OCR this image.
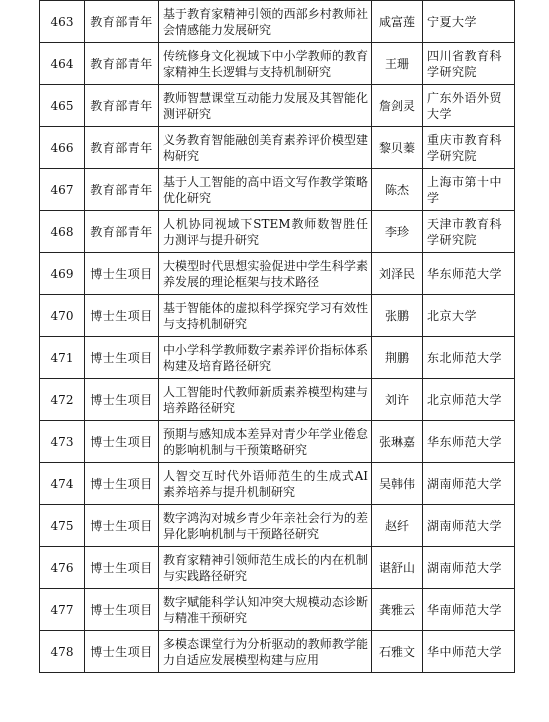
463	教育部青年	基于教育家精神引领的西部乡村教师社会情感能力发展研究	咸富莲	宁夏大学

464	教育部青年	传统修身文化视域下中小学教师的教育家精神生长逻辑与支持机制研究	王珊	四川省教育科学研究院

465	教育部青年	教师智慧课堂互动能力发展及其智能化测评研究	詹剑灵	广东外语外贸大学

466	教育部青年	义务教育智能融创美育素养评价模型建构研究	黎贝蓁	重庆市教育科学研究院

467	教育部青年	基于人工智能的高中语文写作教学策略优化研究	陈杰	上海市第十中学

468	教育部青年	人机协同视域下STEM教师数智胜任力测评与提升研究	李珍	天津市教育科学研究院

469	博士生项目	大模型时代思想实验促进中学生科学素养发展的理论框架与技术路径	刘泽民	华东师范大学

470	博士生项目	基于智能体的虚拟科学探究学习有效性与支持机制研究	张鹏	北京大学

471	博士生项目	中小学科学教师数字素养评价指标体系构建及培育路径研究	荆鹏	东北师范大学

472	博士生项目	人工智能时代教师新质素养模型构建与培养路径研究	刘许	北京师范大学

473	博士生项目	预期与感知成本差异对青少年学业倦怠的影响机制与干预策略研究	张琳嘉	华东师范大学

474	博士生项目	人智交互时代外语师范生的生成式AI素养培养与提升机制研究	吴韩伟	湖南师范大学

475	博士生项目	数字鸿沟对城乡青少年亲社会行为的差异化影响机制与干预路径研究	赵纤	湖南师范大学

476	博士生项目	教育家精神引领师范生成长的内在机制与实践路径研究	谌舒山	湖南师范大学

477	博士生项目	数字赋能科学认知冲突大规模动态诊断与精准干预研究	龚雅云	华南师范大学

478	博士生项目	多模态课堂行为分析驱动的教师教学能力自适应发展模型构建与应用	石雅文	华中师范大学
